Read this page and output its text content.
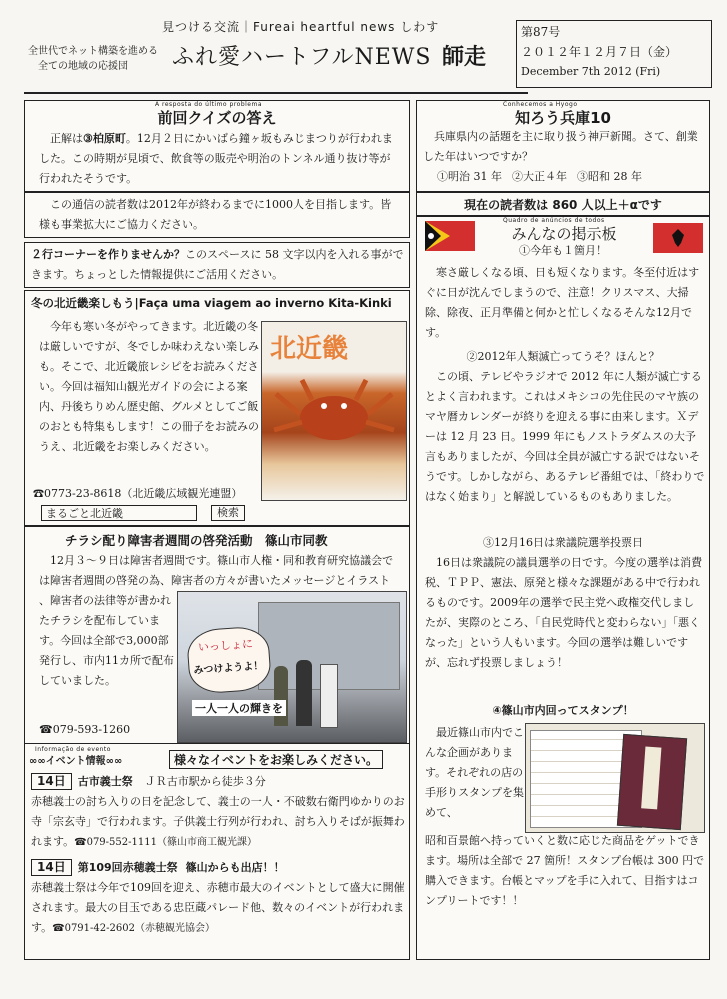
見つける交流｜Fureai heartful news しわす
全世代でネット構築を進める
全ての地域の応援団 ふれ愛ハートフルNEWS 師走
第87号
２０１２年１２月７日（金）
December 7th 2012 (Fri)
A resposta do último problema
前回クイズの答え
正解は③柏原町。12月２日にかいばら鐘ヶ坂もみじまつりが行われました。この時期が見頃で、飲食等の販売や明治のトンネル通り抜け等が行われたそうです。
この通信の読者数は2012年が終わるまでに1000人を目指します。皆様も事業拡大にご協力ください。
２行コーナーを作りませんか？このスペースに 58 文字以内を入れる事ができます。ちょっとした情報提供にご活用ください。
冬の北近畿楽しもう|Faça uma viagem ao inverno Kita-Kinki
今年も寒い冬がやってきます。北近畿の冬は厳しいですが、冬でしか味わえない楽しみも。そこで、北近畿旅レシピをお読みください。今回は福知山観光ガイドの会による案内、丹後ちりめん歴史館、グルメとしてご飯のおとも特集もします！この冊子をお読みのうえ、北近畿をお楽しみください。
北近畿
☎0773-23-8618（北近畿広域観光連盟）
まるごと北近畿	検索
チラシ配り障害者週間の啓発活動　篠山市同教
12月３～９日は障害者週間です。篠山市人権・同和教育研究協議会では障害者週間の啓発の為、障害者の方々が書いたメッセージとイラスト
いっしょに
みつけようよ！
一人一人の輝きを
、障害者の法律等が書かれたチラシを配布しています。今回は全部で3,000部発行し、市内11カ所で配布していました。
☎079-593-1260
Informação de evento
∞∞イベント情報∞∞	様々なイベントをお楽しみください。
14日 古市義士祭 ＪＲ古市駅から徒歩３分
赤穂義士の討ち入りの日を記念して、義士の一人・不破数右衛門ゆかりのお寺「宗玄寺」で行われます。子供義士行列が行われ、討ち入りそばが振舞われます。☎079-552-1111（篠山市商工観光課）
14日 第109回赤穂義士祭 篠山からも出店！！
赤穂義士祭は今年で109回を迎え、赤穂市最大のイベントとして盛大に開催されます。最大の目玉である忠臣蔵パレード他、数々のイベントが行われます。☎0791-42-2602（赤穂観光協会）
Conhecemos a Hyogo
知ろう兵庫10
兵庫県内の話題を主に取り扱う神戸新聞。さて、創業した年はいつですか？
①明治 31 年 ②大正４年 ③昭和 28 年
現在の読者数は 860 人以上＋αです
Quadro de anúncios de todos
みんなの掲示板
①今年も１箇月！
寒さ厳しくなる頃、日も短くなります。冬至付近はすぐに日が沈んでしまうので、注意！クリスマス、大掃除、除夜、正月準備と何かと忙しくなるそんな12月です。
②2012年人類滅亡ってうそ？ほんと？
この頃、テレビやラジオで 2012 年に人類が滅亡するとよく言われます。これはメキシコの先住民のマヤ族のマヤ暦カレンダーが終りを迎える事に由来します。Ｘデーは 12 月 23 日。1999 年にもノストラダムスの大予言もありましたが、今回は全員が滅亡する訳ではないそうです。しかしながら、あるテレビ番組では、「終わりではなく始まり」と解説しているものもありました。
③12月16日は衆議院選挙投票日
16日は衆議院の議員選挙の日です。今度の選挙は消費税、ＴＰＰ、憲法、原発と様々な課題がある中で行われるものです。2009年の選挙で民主党へ政権交代しましたが、実際のところ、「自民党時代と変わらない」「悪くなった」という人もいます。今回の選挙は難しいですが、忘れず投票しましょう！
④篠山市内回ってスタンプ！
最近篠山市内でこんな企画があります。それぞれの店の手形りスタンプを集めて、
昭和百景館へ持っていくと数に応じた商品をゲットできます。場所は全部で 27 箇所！スタンプ台帳は 300 円で購入できます。台帳とマップを手に入れて、目指すはコンプリートです！！
